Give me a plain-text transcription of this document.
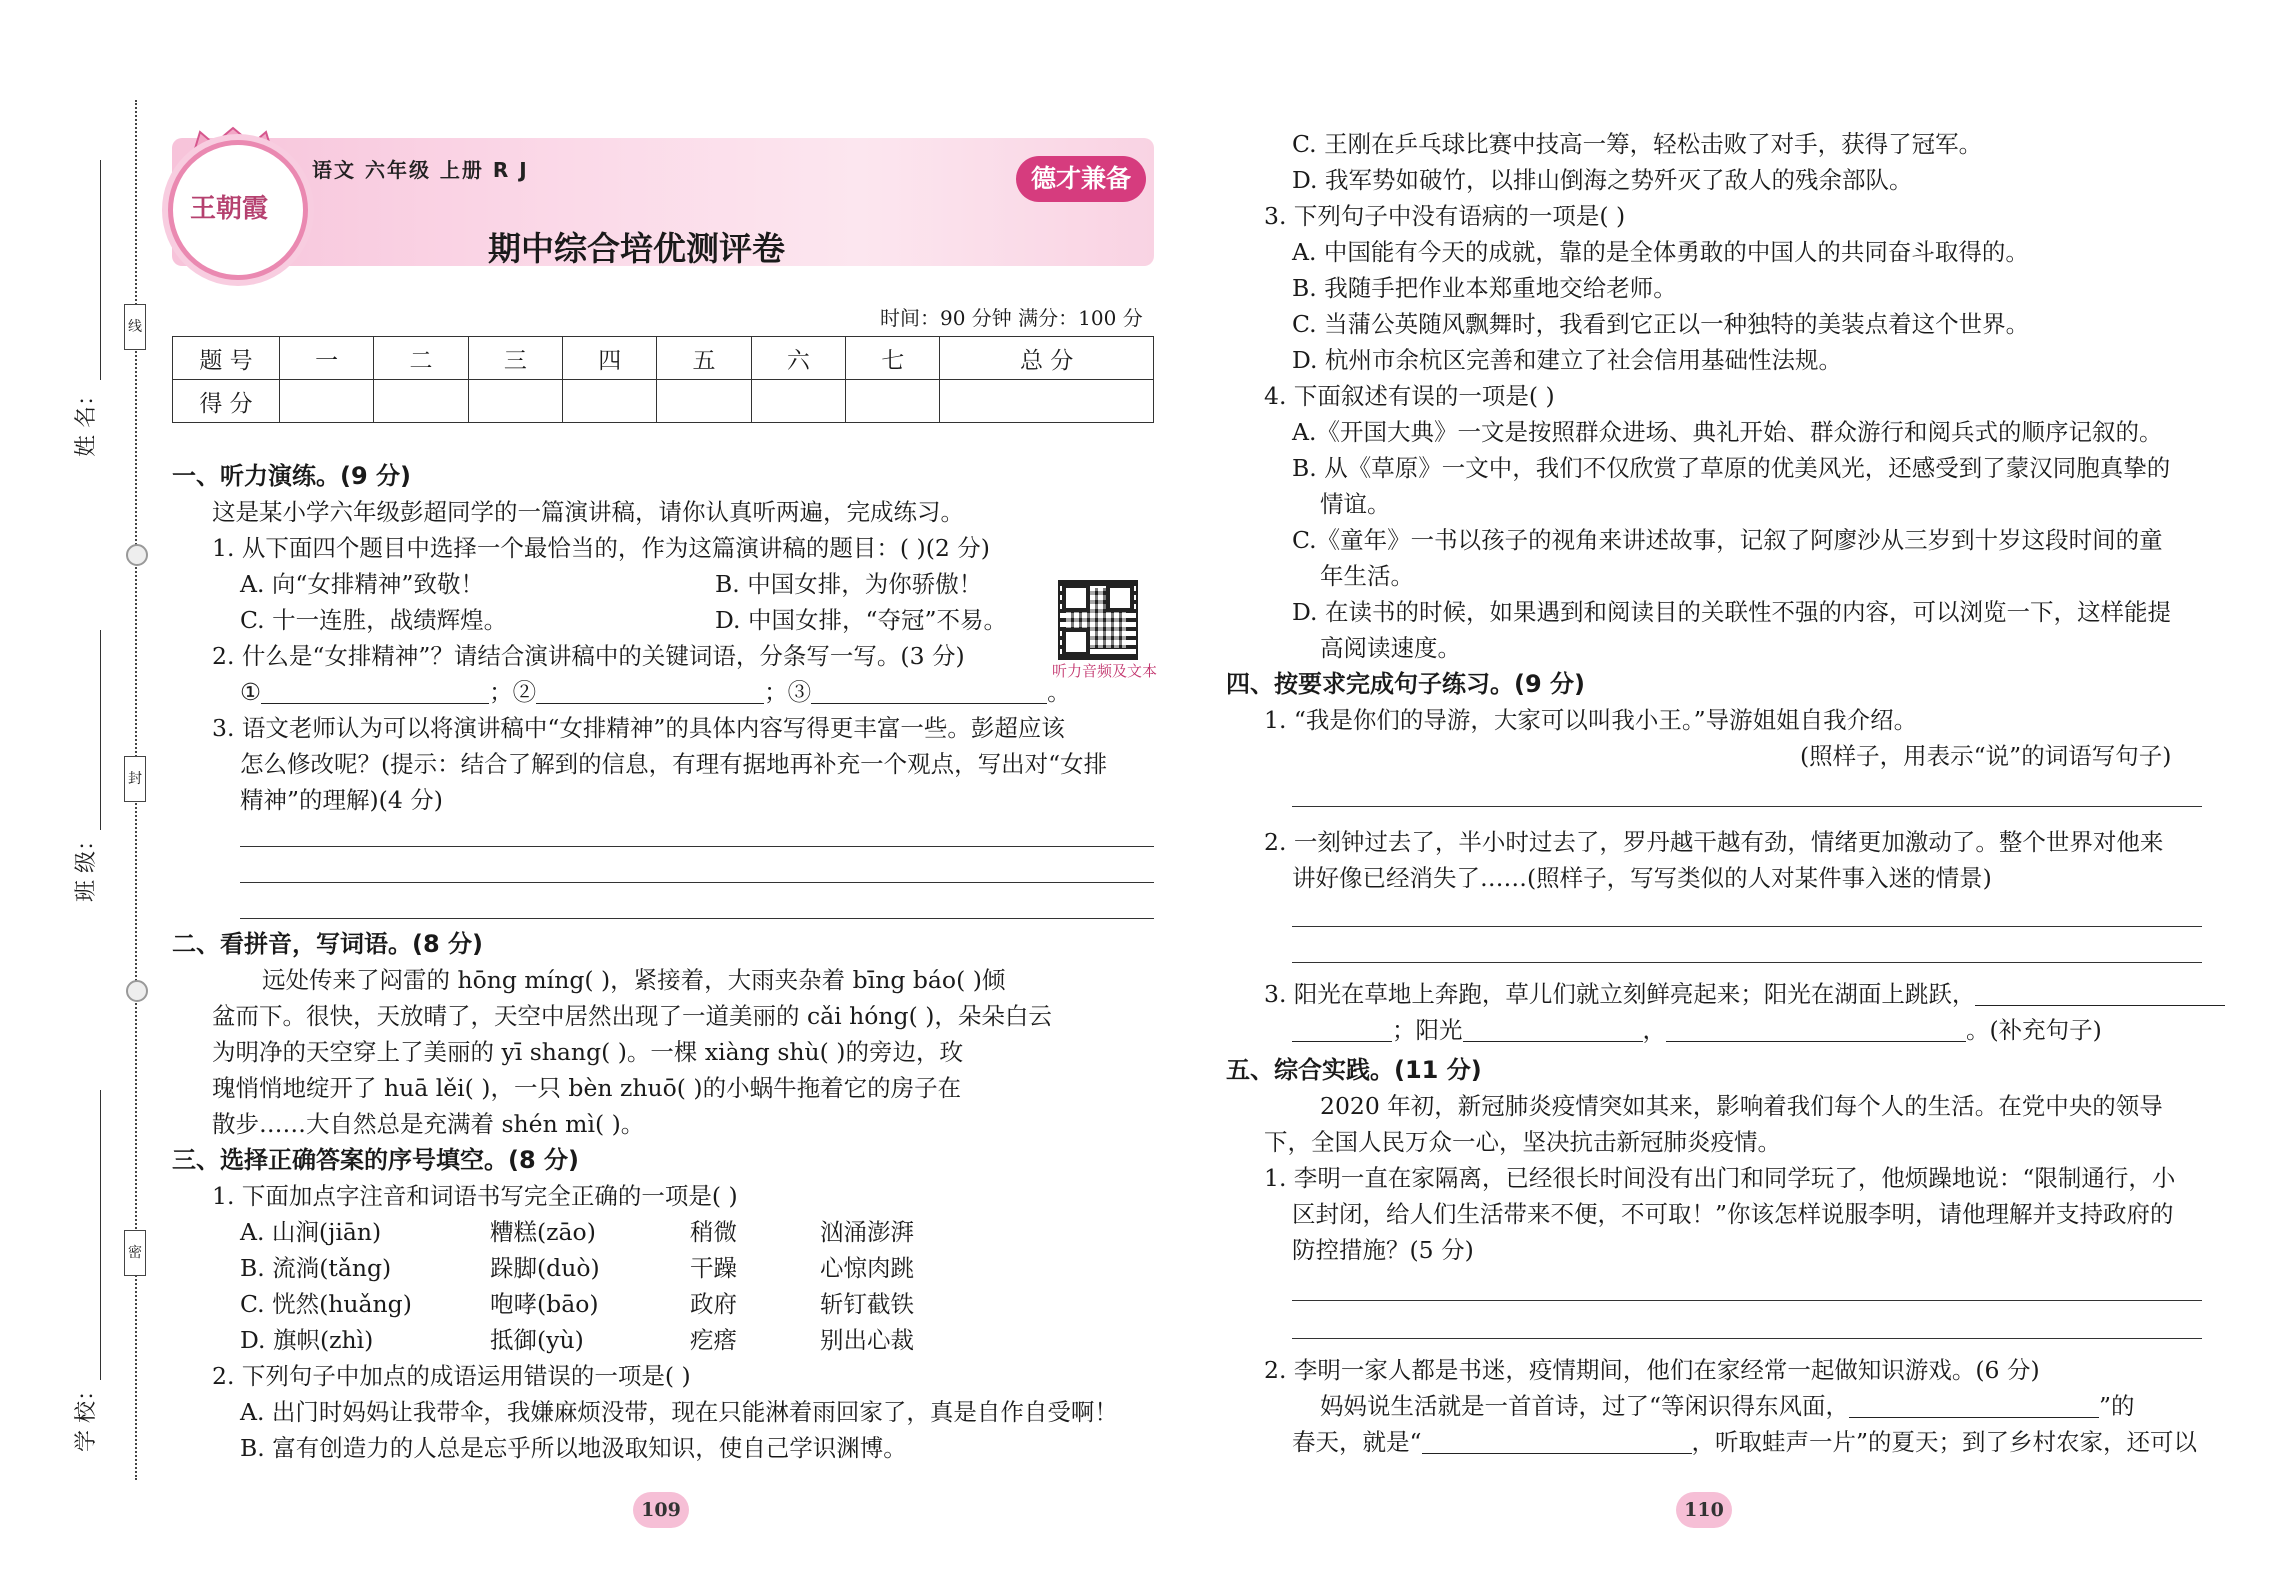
姓 名：
班 级：
学 校：
线
封
密
王朝霞
语文 六年级 上册 R J	德才兼备
期中综合培优测评卷
时间：90 分钟 满分：100 分
题 号	一	二	三	四	五	六	七	总 分
得 分								
一、听力演练。(9 分)
这是某小学六年级彭超同学的一篇演讲稿，请你认真听两遍，完成练习。
1. 从下面四个题目中选择一个最恰当的，作为这篇演讲稿的题目：( )(2 分)
A. 向“女排精神”致敬！	B. 中国女排，为你骄傲！
C. 十一连胜，战绩辉煌。	D. 中国女排，“夺冠”不易。
听力音频及文本
2. 什么是“女排精神”？请结合演讲稿中的关键词语，分条写一写。(3 分)
①	；②	；③	。
3. 语文老师认为可以将演讲稿中“女排精神”的具体内容写得更丰富一些。彭超应该
怎么修改呢？(提示：结合了解到的信息，有理有据地再补充一个观点，写出对“女排
精神”的理解)(4 分)
二、看拼音，写词语。(8 分)
远处传来了闷雷的 hōng míng( )，紧接着，大雨夹杂着 bīng báo( )倾
盆而下。很快，天放晴了，天空中居然出现了一道美丽的 cǎi hóng( )，朵朵白云
为明净的天空穿上了美丽的 yī shang( )。一棵 xiàng shù( )的旁边，玫
瑰悄悄地绽开了 huā lěi( )，一只 bèn zhuō( )的小蜗牛拖着它的房子在
散步……大自然总是充满着 shén mì( )。
三、选择正确答案的序号填空。(8 分)
1. 下面加点字注音和词语书写完全正确的一项是( )
A. 山涧(jiān)	糟糕(zāo)	稍微	汹涌澎湃
B. 流淌(tǎng)	跺脚(duò)	干躁	心惊肉跳
C. 恍然(huǎng)	咆哮(bāo)	政府	斩钉截铁
D. 旗帜(zhì)	抵御(yù)	疙瘩	别出心裁
2. 下列句子中加点的成语运用错误的一项是( )
A. 出门时妈妈让我带伞，我嫌麻烦没带，现在只能淋着雨回家了，真是自作自受啊！
B. 富有创造力的人总是忘乎所以地汲取知识，使自己学识渊博。
109
C. 王刚在乒乓球比赛中技高一筹，轻松击败了对手，获得了冠军。
D. 我军势如破竹，以排山倒海之势歼灭了敌人的残余部队。
3. 下列句子中没有语病的一项是( )
A. 中国能有今天的成就，靠的是全体勇敢的中国人的共同奋斗取得的。
B. 我随手把作业本郑重地交给老师。
C. 当蒲公英随风飘舞时，我看到它正以一种独特的美装点着这个世界。
D. 杭州市余杭区完善和建立了社会信用基础性法规。
4. 下面叙述有误的一项是( )
A.《开国大典》一文是按照群众进场、典礼开始、群众游行和阅兵式的顺序记叙的。
B. 从《草原》一文中，我们不仅欣赏了草原的优美风光，还感受到了蒙汉同胞真挚的
情谊。
C.《童年》一书以孩子的视角来讲述故事，记叙了阿廖沙从三岁到十岁这段时间的童
年生活。
D. 在读书的时候，如果遇到和阅读目的关联性不强的内容，可以浏览一下，这样能提
高阅读速度。
四、按要求完成句子练习。(9 分)
1. “我是你们的导游，大家可以叫我小王。”导游姐姐自我介绍。
(照样子，用表示“说”的词语写句子)
2. 一刻钟过去了，半小时过去了，罗丹越干越有劲，情绪更加激动了。整个世界对他来
讲好像已经消失了……(照样子，写写类似的人对某件事入迷的情景)
3. 阳光在草地上奔跑，草儿们就立刻鲜亮起来；阳光在湖面上跳跃，
；阳光	，	。(补充句子)
五、综合实践。(11 分)
2020 年初，新冠肺炎疫情突如其来，影响着我们每个人的生活。在党中央的领导
下，全国人民万众一心，坚决抗击新冠肺炎疫情。
1. 李明一直在家隔离，已经很长时间没有出门和同学玩了，他烦躁地说：“限制通行，小
区封闭，给人们生活带来不便，不可取！”你该怎样说服李明，请他理解并支持政府的
防控措施？(5 分)
2. 李明一家人都是书迷，疫情期间，他们在家经常一起做知识游戏。(6 分)
妈妈说生活就是一首首诗，过了“等闲识得东风面，	”的
春天，就是“	，听取蛙声一片”的夏天；到了乡村农家，还可以
110
